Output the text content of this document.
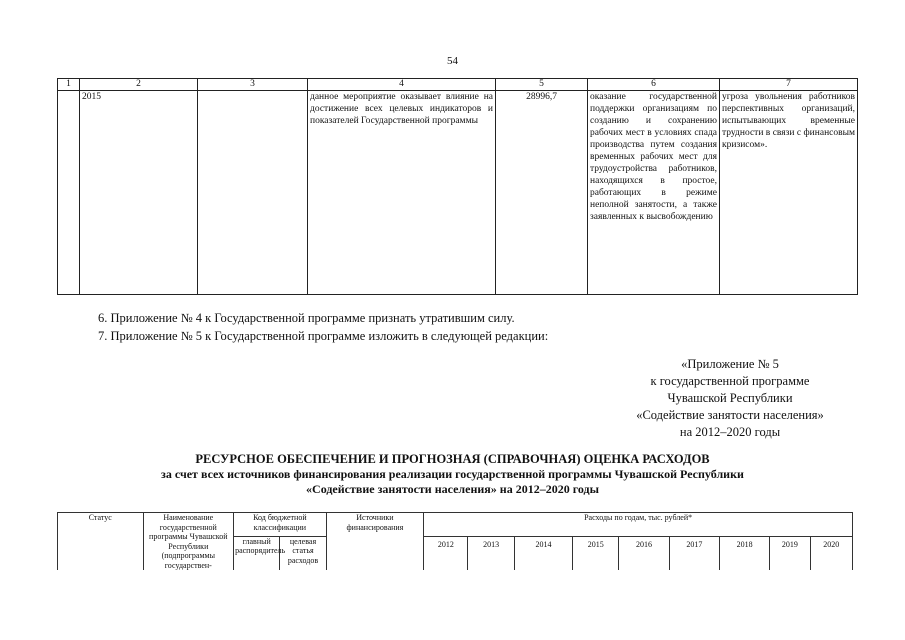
54
1	2	3	4	5	6	7
	2015		данное мероприятие оказывает влияние на достижение всех целевых индикаторов и показателей Государственной программы	28996,7	оказание государственной поддержки организациям по созданию и сохранению рабочих мест в условиях спада производства путем создания временных рабочих мест для трудоустройства работников, находящихся в простое, работающих в режиме неполной занятости, а также заявленных к высвобождению	угроза увольнения работников перспективных организаций, испытывающих временные трудности в связи с финансовым кризисом».
6. Приложение № 4 к Государственной программе признать утратившим силу.
7. Приложение № 5 к Государственной программе изложить в следующей редакции:
«Приложение № 5
к государственной программе
Чувашской Республики
«Содействие занятости населения»
на 2012–2020 годы
РЕСУРСНОЕ ОБЕСПЕЧЕНИЕ И ПРОГНОЗНАЯ (СПРАВОЧНАЯ) ОЦЕНКА РАСХОДОВ
за счет всех источников финансирования реализации государственной программы Чувашской Республики
«Содействие занятости населения» на 2012–2020 годы
Статус	Наименование государственной программы Чувашской Республики (подпрограммы государствен-	Код бюджетной классификации		Источники финансирования	Расходы по годам, тыс. рублей*								
		главный распорядитель	целевая статья расходов		2012	2013	2014	2015	2016	2017	2018	2019	2020
